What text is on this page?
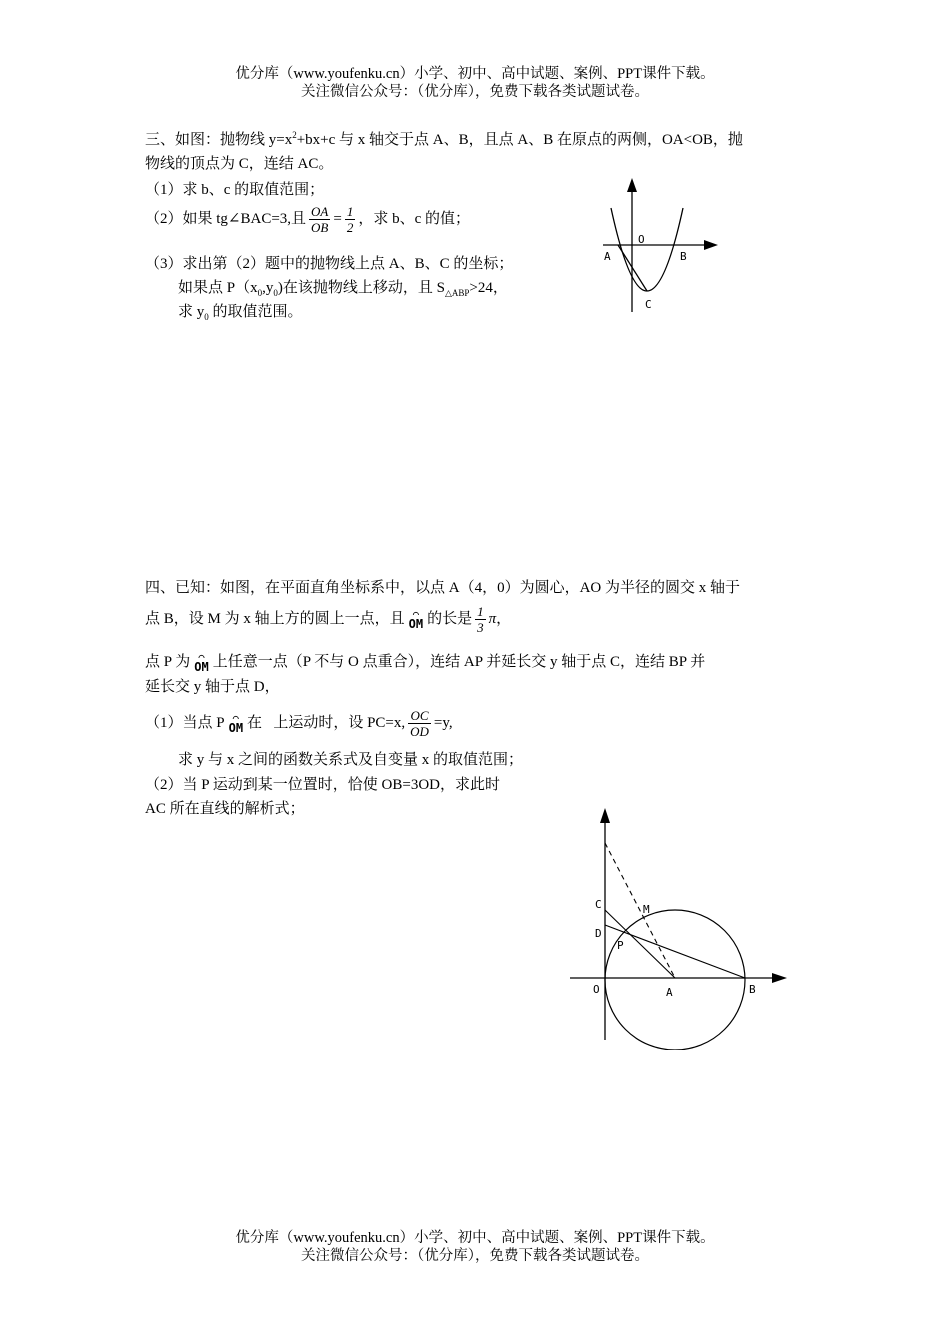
优分库（www.youfenku.cn）小学、初中、高中试题、案例、PPT课件下载。
关注微信公众号：（优分库），免费下载各类试题试卷。
三、如图：抛物线 $y=x^2+bx+c$ 与 x 轴交于点 A、B，且点 A、B 在原点的两侧，OA<OB，抛
物线的顶点为 C，连结 AC。
（1）求 b、c 的取值范围；
（2）如果 tg∠BAC=3,且 $\frac{OA}{OB} = \frac{1}{2}$ ，求 b、c 的值；
（3）求出第（2）题中的抛物线上点 A、B、C 的坐标；
如果点 $P(x_0,y_0)$在该抛物线上移动，且 $S_{\triangle ABP}>24$，
求 $y_0$ 的取值范围。
O
A	B
C
四、已知：如图，在平面直角坐标系中，以点 A（4，0）为圆心，AO 为半径的圆交 x 轴于
点 B，设 M 为 x 轴上方的圆上一点，且 ⌒
OM 的长是 $\frac{1}{3}$ π，
点 P 为 ⌒
OM 上任意一点（P 不与 O 点重合），连结 AP 并延长交 y 轴于点 C，连结 BP 并
延长交 y 轴于点 D，
（1）当点 P ⌒
OM 在 上运动时，设 PC=x, $\frac{OC}{OD} =y$,
求 y 与 x 之间的函数关系式及自变量 x 的取值范围；
（2）当 P 运动到某一位置时，恰使 OB=3OD，求此时
AC 所在直线的解析式；
C	M
D
P
O	A	B
优分库（www.youfenku.cn）小学、初中、高中试题、案例、PPT课件下载。
关注微信公众号：（优分库），免费下载各类试题试卷。
